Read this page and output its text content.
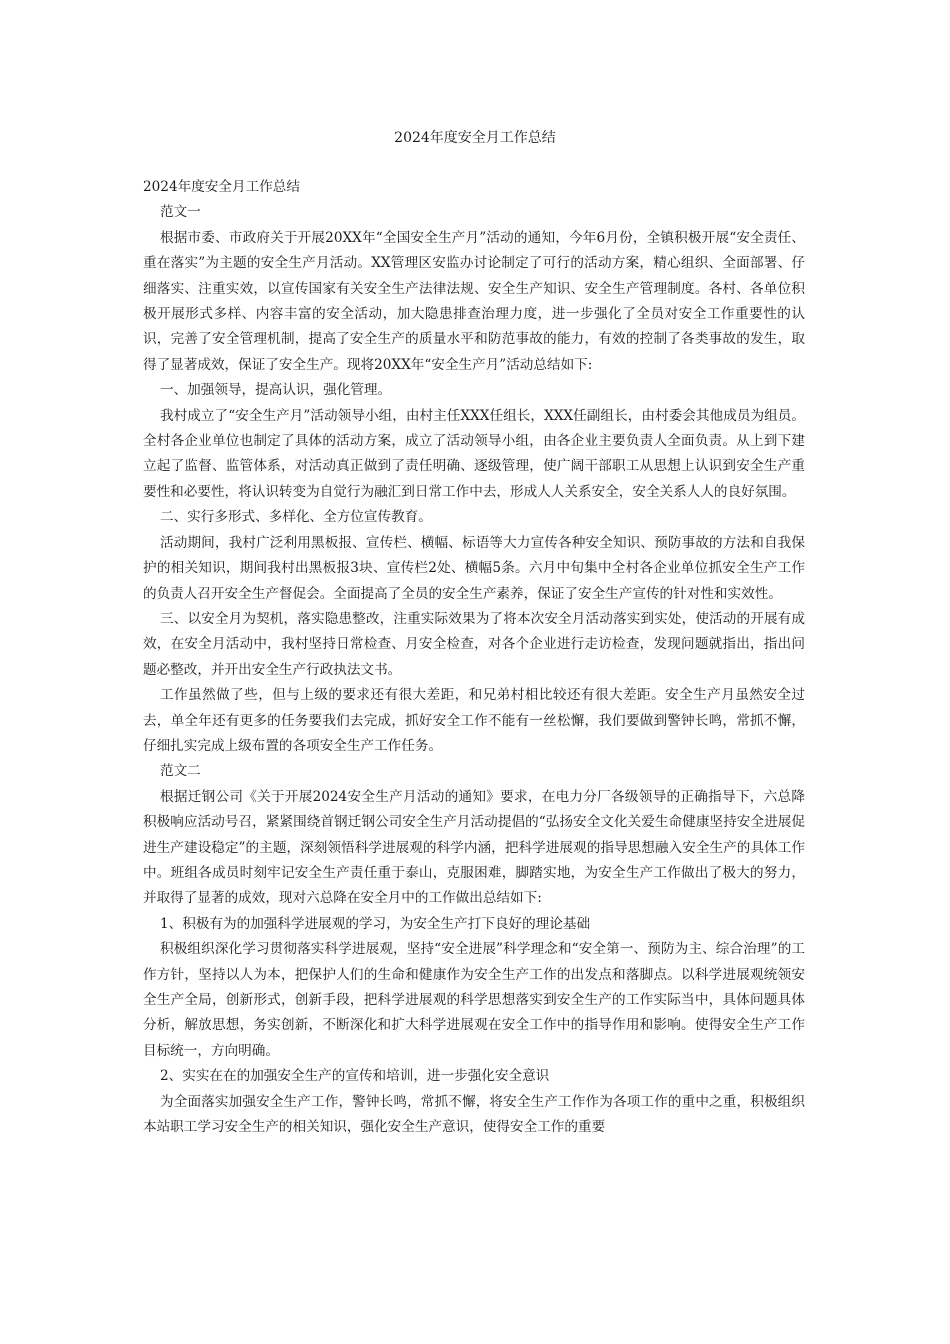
2024年度安全月工作总结

2024年度安全月工作总结

范文一

根据市委、市政府关于开展20XX年“全国安全生产月”活动的通知，今年6月份，全镇积极开展“安全责任、重在落实”为主题的安全生产月活动。XX管理区安监办讨论制定了可行的活动方案，精心组织、全面部署、仔细落实、注重实效，以宣传国家有关安全生产法律法规、安全生产知识、安全生产管理制度。各村、各单位积极开展形式多样、内容丰富的安全活动，加大隐患排查治理力度，进一步强化了全员对安全工作重要性的认识，完善了安全管理机制，提高了安全生产的质量水平和防范事故的能力，有效的控制了各类事故的发生，取得了显著成效，保证了安全生产。现将20XX年“安全生产月”活动总结如下:

一、加强领导，提高认识，强化管理。

我村成立了“安全生产月”活动领导小组，由村主任XXX任组长，XXX任副组长，由村委会其他成员为组员。全村各企业单位也制定了具体的活动方案，成立了活动领导小组，由各企业主要负责人全面负责。从上到下建立起了监督、监管体系，对活动真正做到了责任明确、逐级管理，使广阔干部职工从思想上认识到安全生产重要性和必要性，将认识转变为自觉行为融汇到日常工作中去，形成人人关系安全，安全关系人人的良好氛围。

二、实行多形式、多样化、全方位宣传教育。

活动期间，我村广泛利用黑板报、宣传栏、横幅、标语等大力宣传各种安全知识、预防事故的方法和自我保护的相关知识，期间我村出黑板报3块、宣传栏2处、横幅5条。六月中旬集中全村各企业单位抓安全生产工作的负责人召开安全生产督促会。全面提高了全员的安全生产素养，保证了安全生产宣传的针对性和实效性。

三、以安全月为契机，落实隐患整改，注重实际效果为了将本次安全月活动落实到实处，使活动的开展有成效，在安全月活动中，我村坚持日常检查、月安全检查，对各个企业进行走访检查，发现问题就指出，指出问题必整改，并开出安全生产行政执法文书。

工作虽然做了些，但与上级的要求还有很大差距，和兄弟村相比较还有很大差距。安全生产月虽然安全过去，单全年还有更多的任务要我们去完成，抓好安全工作不能有一丝松懈，我们要做到警钟长鸣，常抓不懈，仔细扎实完成上级布置的各项安全生产工作任务。

范文二

根据迁钢公司《关于开展2024安全生产月活动的通知》要求，在电力分厂各级领导的正确指导下，六总降积极响应活动号召，紧紧围绕首钢迁钢公司安全生产月活动提倡的“弘扬安全文化关爱生命健康坚持安全进展促进生产建设稳定”的主题，深刻领悟科学进展观的科学内涵，把科学进展观的指导思想融入安全生产的具体工作中。班组各成员时刻牢记安全生产责任重于泰山，克服困难，脚踏实地，为安全生产工作做出了极大的努力，并取得了显著的成效，现对六总降在安全月中的工作做出总结如下:

1、积极有为的加强科学进展观的学习，为安全生产打下良好的理论基础

积极组织深化学习贯彻落实科学进展观，坚持“安全进展”科学理念和“安全第一、预防为主、综合治理”的工作方针，坚持以人为本，把保护人们的生命和健康作为安全生产工作的出发点和落脚点。以科学进展观统领安全生产全局，创新形式，创新手段，把科学进展观的科学思想落实到安全生产的工作实际当中，具体问题具体分析，解放思想，务实创新，不断深化和扩大科学进展观在安全工作中的指导作用和影响。使得安全生产工作目标统一，方向明确。

2、实实在在的加强安全生产的宣传和培训，进一步强化安全意识

为全面落实加强安全生产工作，警钟长鸣，常抓不懈，将安全生产工作作为各项工作的重中之重，积极组织本站职工学习安全生产的相关知识，强化安全生产意识，使得安全工作的重要
